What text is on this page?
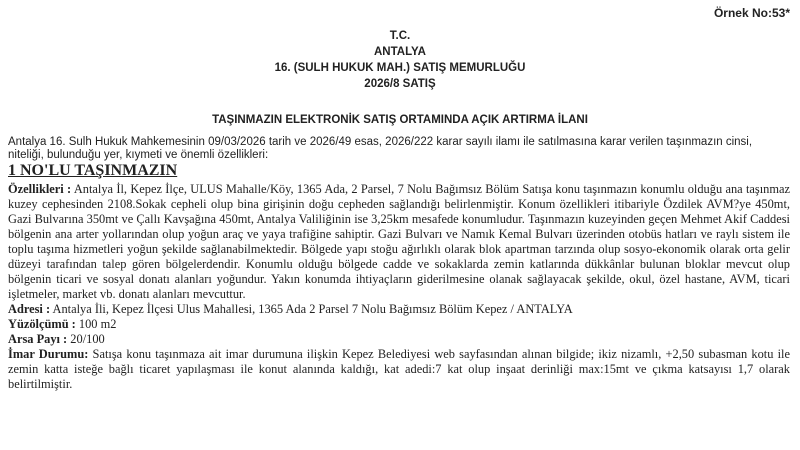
Örnek No:53*
T.C.
ANTALYA
16. (SULH HUKUK MAH.) SATIŞ MEMURLUĞU
2026/8 SATIŞ
TAŞINMAZIN ELEKTRONİK SATIŞ ORTAMINDA AÇIK ARTIRMA İLANI
Antalya 16. Sulh Hukuk Mahkemesinin 09/03/2026 tarih ve 2026/49 esas, 2026/222 karar sayılı ilamı ile satılmasına karar verilen taşınmazın cinsi, niteliği, bulunduğu yer, kıymeti ve önemli özellikleri:
1 NO'LU TAŞINMAZIN

Özellikleri : Antalya İl, Kepez İlçe, ULUS Mahalle/Köy, 1365 Ada, 2 Parsel, 7 Nolu Bağımsız Bölüm Satışa konu taşınmazın konumlu olduğu ana taşınmaz kuzey cephesinden 2108.Sokak cepheli olup bina girişinin doğu cepheden sağlandığı belirlenmiştir. Konum özellikleri itibariyle Özdilek AVM?ye 450mt, Gazi Bulvarına 350mt ve Çallı Kavşağına 450mt, Antalya Valiliğinin ise 3,25km mesafede konumludur. Taşınmazın kuzeyinden geçen Mehmet Akif Caddesi bölgenin ana arter yollarından olup yoğun araç ve yaya trafiğine sahiptir. Gazi Bulvarı ve Namık Kemal Bulvarı üzerinden otobüs hatları ve raylı sistem ile toplu taşıma hizmetleri yoğun şekilde sağlanabilmektedir. Bölgede yapı stoğu ağırlıklı olarak blok apartman tarzında olup sosyo-ekonomik olarak orta gelir düzeyi tarafından talep gören bölgelerdendir. Konumlu olduğu bölgede cadde ve sokaklarda zemin katlarında dükkânlar bulunan bloklar mevcut olup bölgenin ticari ve sosyal donatı alanları yoğundur. Yakın konumda ihtiyaçların giderilmesine olanak sağlayacak şekilde, okul, özel hastane, AVM, ticari işletmeler, market vb. donatı alanları mevcuttur.

Adresi : Antalya İli, Kepez İlçesi Ulus Mahallesi, 1365 Ada 2 Parsel 7 Nolu Bağımsız Bölüm Kepez / ANTALYA

Yüzölçümü : 100 m2

Arsa Payı : 20/100

İmar Durumu: Satışa konu taşınmaza ait imar durumuna ilişkin Kepez Belediyesi web sayfasından alınan bilgide; ikiz nizamlı, +2,50 subasman kotu ile zemin katta isteğe bağlı ticaret yapılaşması ile konut alanında kaldığı, kat adedi:7 kat olup inşaat derinliği max:15mt ve çıkma katsayısı 1,7 olarak belirtilmiştir.
